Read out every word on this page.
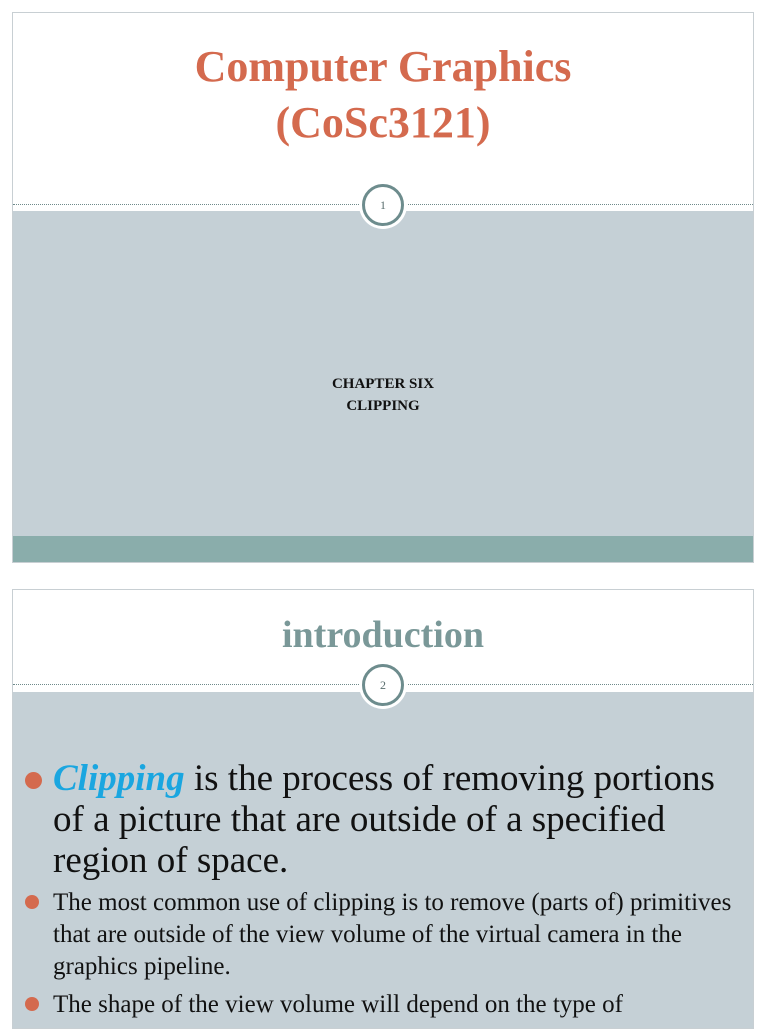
Computer Graphics

(CoSc3121)

CHAPTER SIX
CLIPPING
1

introduction

2
Clipping is the process of removing portions of a picture that are outside of a specified region of space.
The most common use of clipping is to remove (parts of) primitives that are outside of the view volume of the virtual camera in the graphics pipeline.
The shape of the view volume will depend on the type of
